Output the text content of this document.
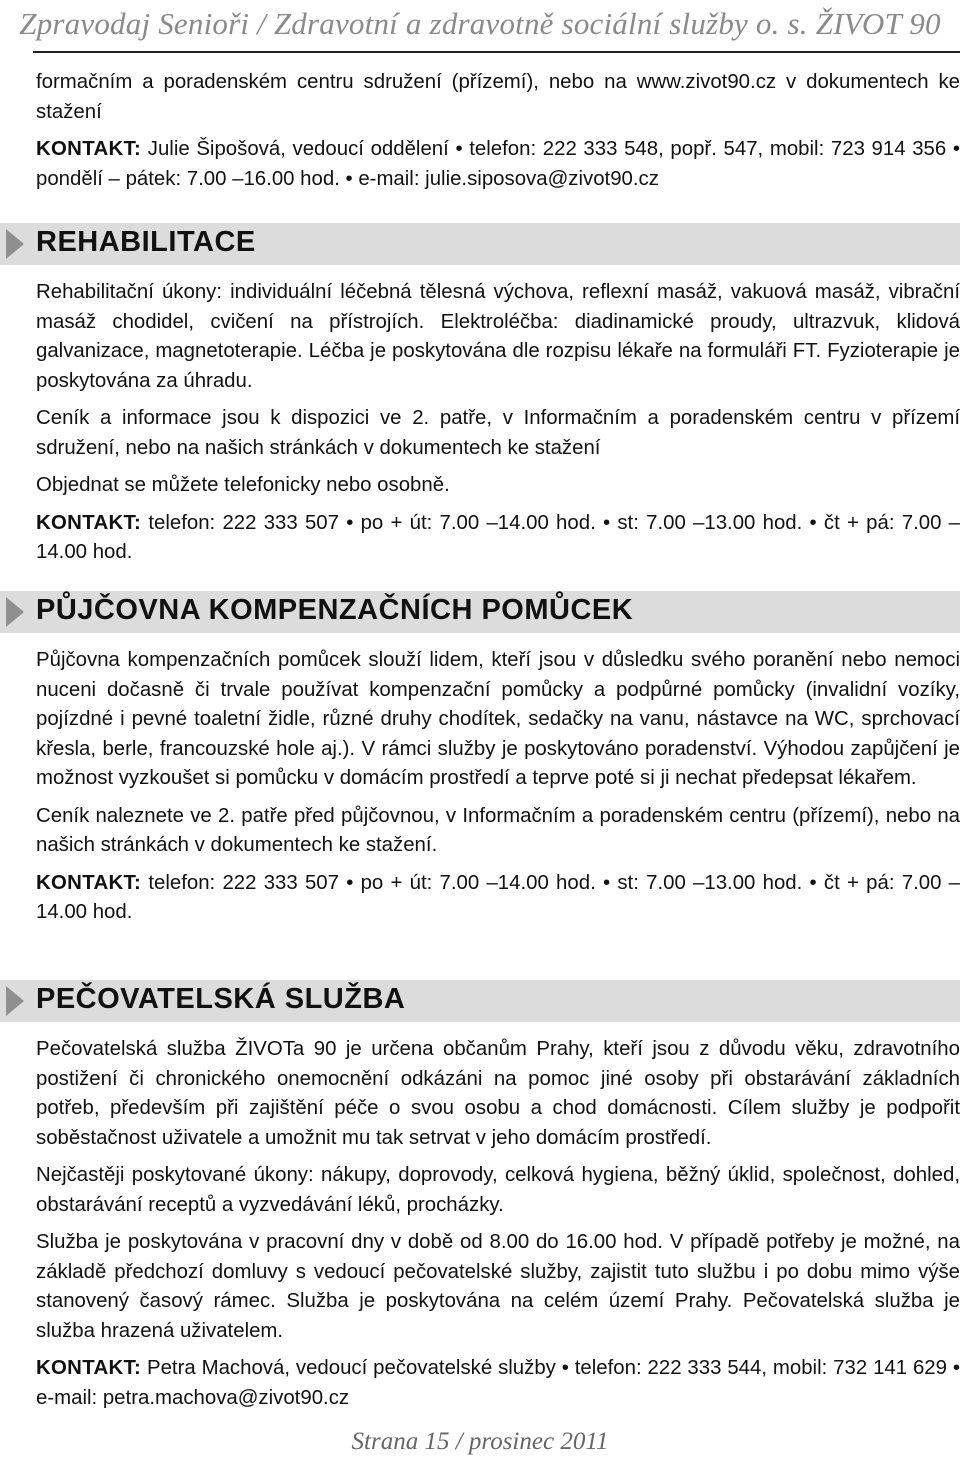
Zpravodaj Senioři / Zdravotní a zdravotně sociální služby o. s. ŽIVOT 90

formačním a poradenském centru sdružení (přízemí), nebo na www.zivot90.cz v dokumentech ke stažení

KONTAKT: Julie Šipošová, vedoucí oddělení • telefon: 222 333 548, popř. 547, mobil: 723 914 356 • pondělí – pátek: 7.00 –16.00 hod. • e-mail: julie.siposova@zivot90.cz

REHABILITACE

Rehabilitační úkony: individuální léčebná tělesná výchova, reflexní masáž, vakuová masáž, vibrační masáž chodidel, cvičení na přístrojích. Elektroléčba: diadinamické proudy, ultrazvuk, klidová galvanizace, magnetoterapie. Léčba je poskytována dle rozpisu lékaře na formuláři FT. Fyzioterapie je poskytována za úhradu.

Ceník a informace jsou k dispozici ve 2. patře, v Informačním a poradenském centru v přízemí sdružení, nebo na našich stránkách v dokumentech ke stažení

Objednat se můžete telefonicky nebo osobně.

KONTAKT: telefon: 222 333 507 • po + út: 7.00 –14.00 hod. • st: 7.00 –13.00 hod. • čt + pá: 7.00 –14.00 hod.

PŮJČOVNA KOMPENZAČNÍCH POMŮCEK

Půjčovna kompenzačních pomůcek slouží lidem, kteří jsou v důsledku svého poranění nebo nemoci nuceni dočasně či trvale používat kompenzační pomůcky a podpůrné pomůcky (invalidní vozíky, pojízdné i pevné toaletní židle, různé druhy chodítek, sedačky na vanu, nástavce na WC, sprchovací křesla, berle, francouzské hole aj.). V rámci služby je poskytováno poradenství. Výhodou zapůjčení je možnost vyzkoušet si pomůcku v domácím prostředí a teprve poté si ji nechat předepsat lékařem.

Ceník naleznete ve 2. patře před půjčovnou, v Informačním a poradenském centru (přízemí), nebo na našich stránkách v dokumentech ke stažení.

KONTAKT: telefon: 222 333 507 • po + út: 7.00 –14.00 hod. • st: 7.00 –13.00 hod. • čt + pá: 7.00 –14.00 hod.

PEČOVATELSKÁ SLUŽBA

Pečovatelská služba ŽIVOTa 90 je určena občanům Prahy, kteří jsou z důvodu věku, zdravotního postižení či chronického onemocnění odkázáni na pomoc jiné osoby při obstarávání základních potřeb, především při zajištění péče o svou osobu a chod domácnosti. Cílem služby je podpořit soběstačnost uživatele a umožnit mu tak setrvat v jeho domácím prostředí.

Nejčastěji poskytované úkony: nákupy, doprovody, celková hygiena, běžný úklid, společnost, dohled, obstarávání receptů a vyzvedávání léků, procházky.

Služba je poskytována v pracovní dny v době od 8.00 do 16.00 hod. V případě potřeby je možné, na základě předchozí domluvy s vedoucí pečovatelské služby, zajistit tuto službu i po dobu mimo výše stanovený časový rámec. Služba je poskytována na celém území Prahy. Pečovatelská služba je služba hrazená uživatelem.

KONTAKT: Petra Machová, vedoucí pečovatelské služby • telefon: 222 333 544, mobil: 732 141 629 • e-mail: petra.machova@zivot90.cz

Strana 15 / prosinec 2011
